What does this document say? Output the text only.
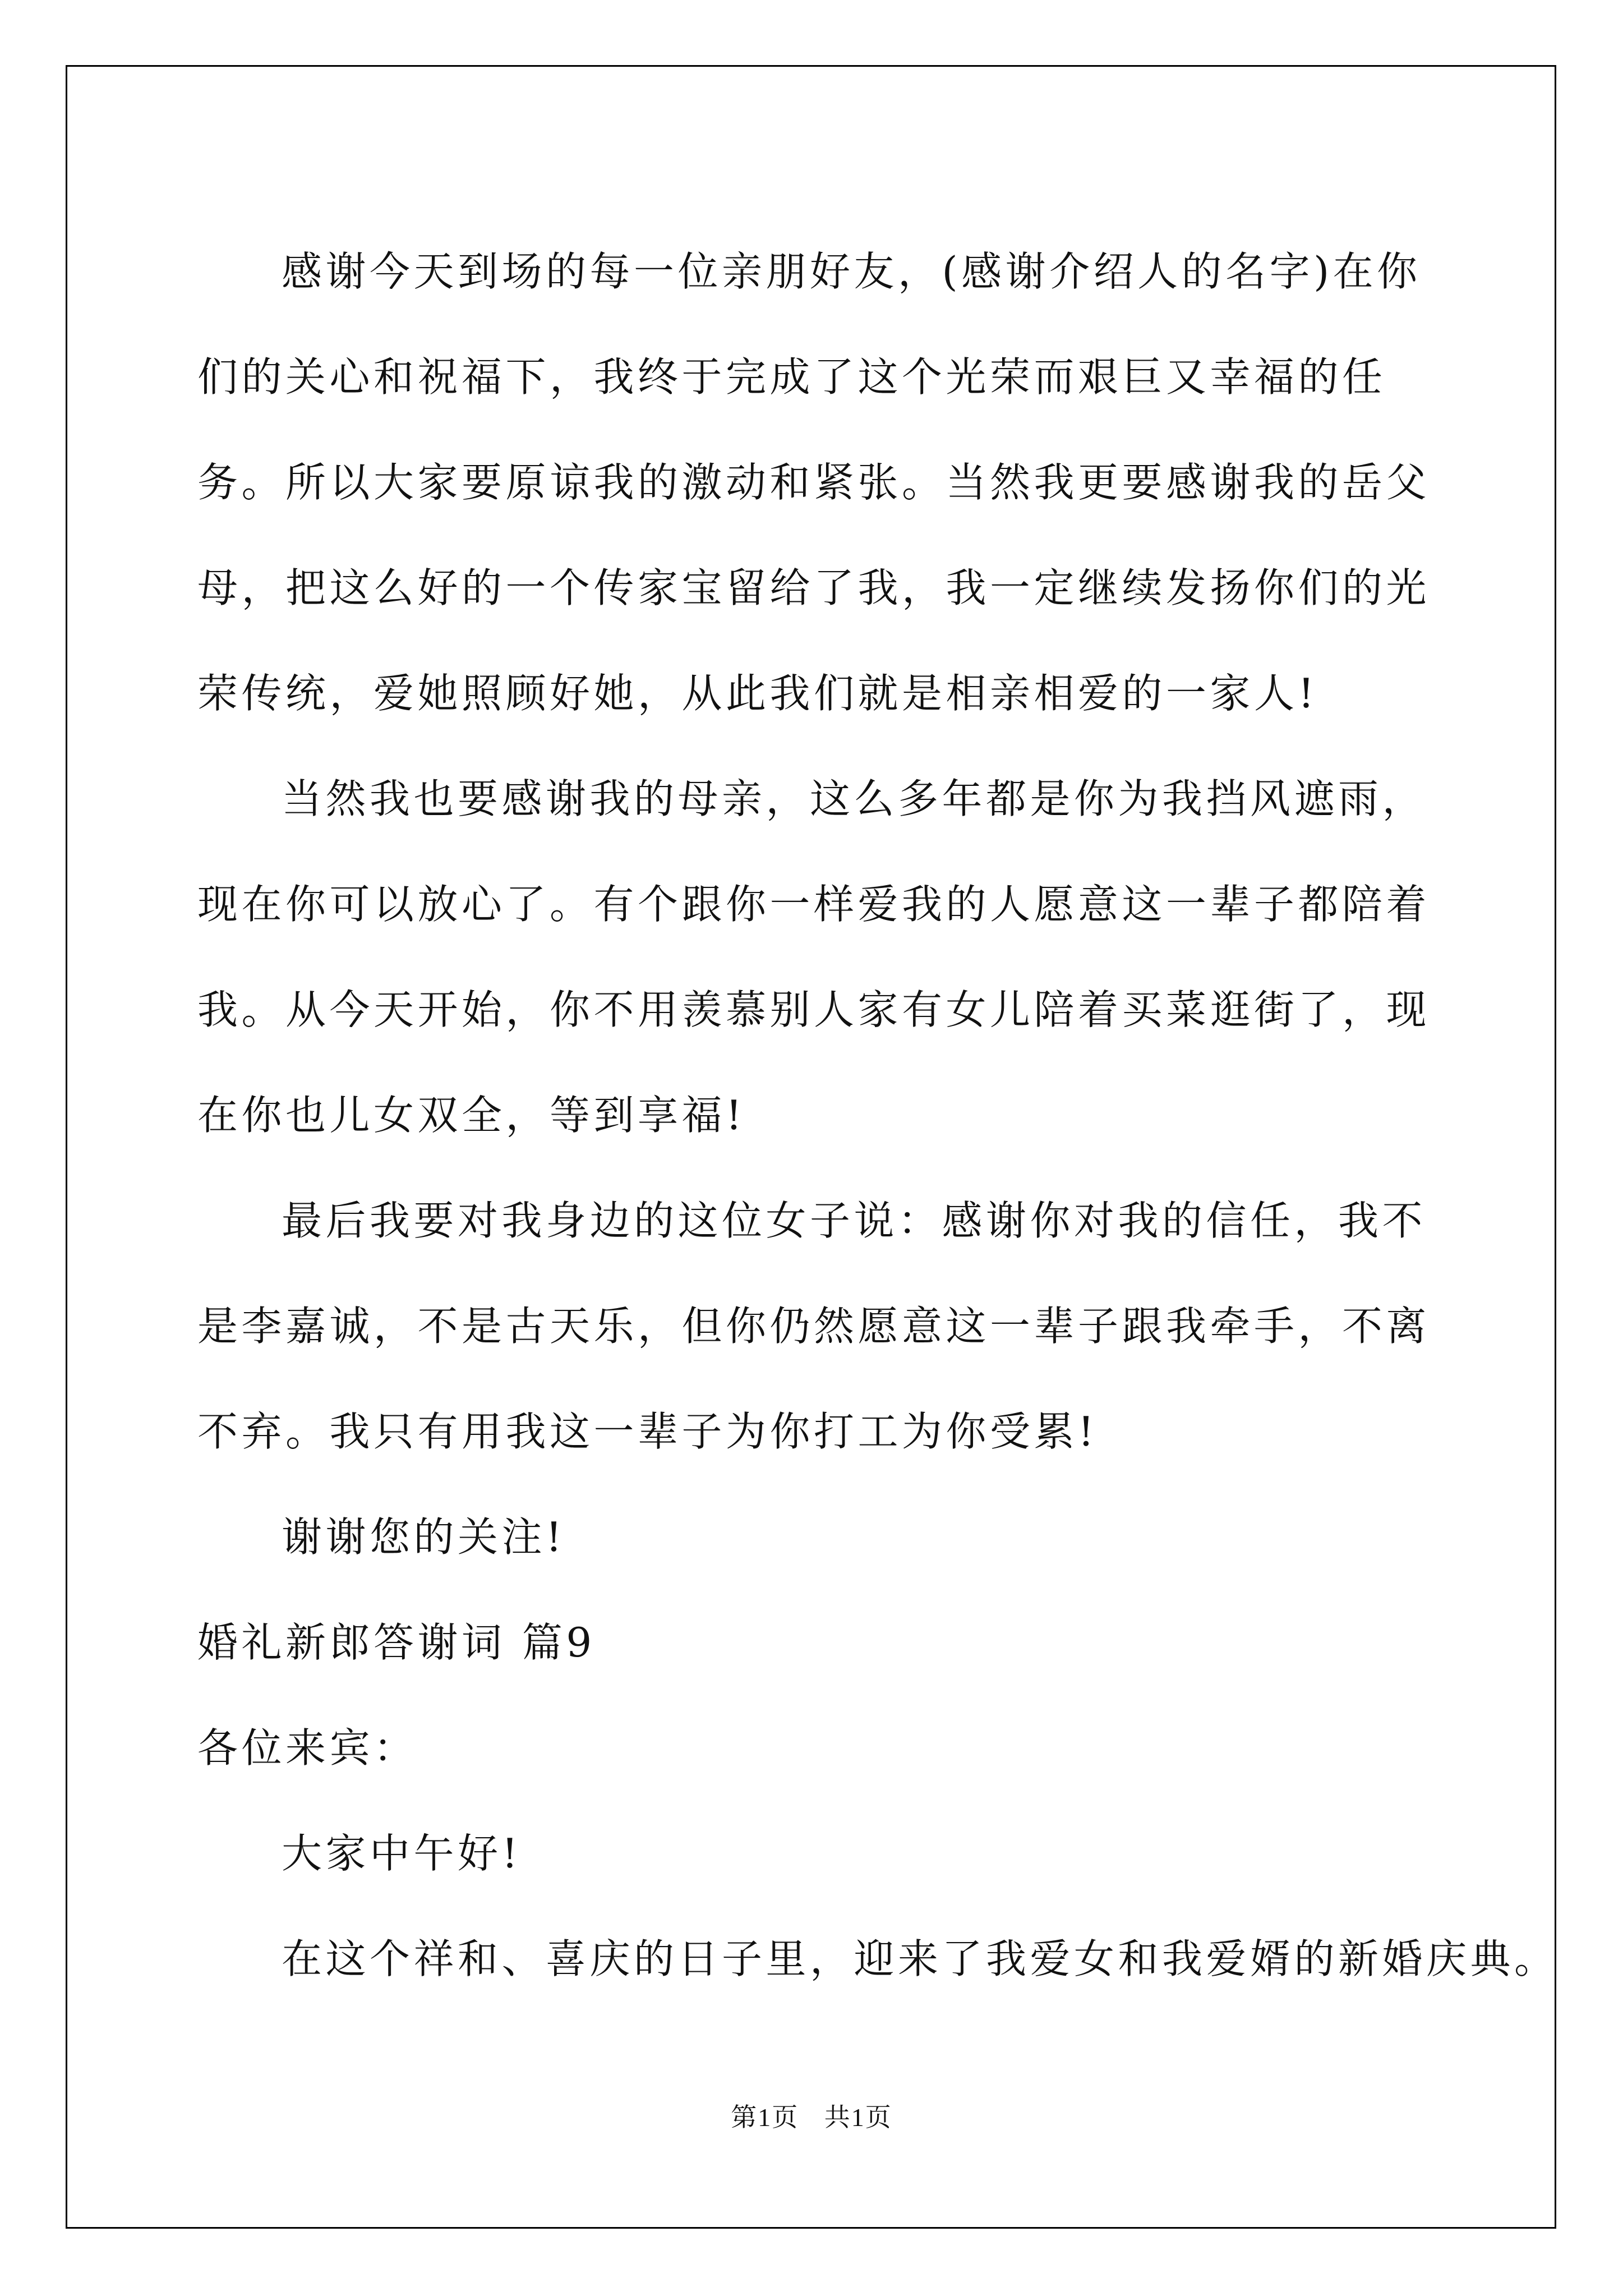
感谢今天到场的每一位亲朋好友，(感谢介绍人的名字)在你们的关心和祝福下，我终于完成了这个光荣而艰巨又幸福的任务。所以大家要原谅我的激动和紧张。当然我更要感谢我的岳父母，把这么好的一个传家宝留给了我，我一定继续发扬你们的光荣传统，爱她照顾好她，从此我们就是相亲相爱的一家人!

当然我也要感谢我的母亲，这么多年都是你为我挡风遮雨，现在你可以放心了。有个跟你一样爱我的人愿意这一辈子都陪着我。从今天开始，你不用羡慕别人家有女儿陪着买菜逛街了，现在你也儿女双全，等到享福!

最后我要对我身边的这位女子说：感谢你对我的信任，我不是李嘉诚，不是古天乐，但你仍然愿意这一辈子跟我牵手，不离不弃。我只有用我这一辈子为你打工为你受累!

谢谢您的关注!

婚礼新郎答谢词 篇9

各位来宾：

大家中午好!

在这个祥和、喜庆的日子里，迎来了我爱女和我爱婿的新婚庆典。

第1页 共1页
